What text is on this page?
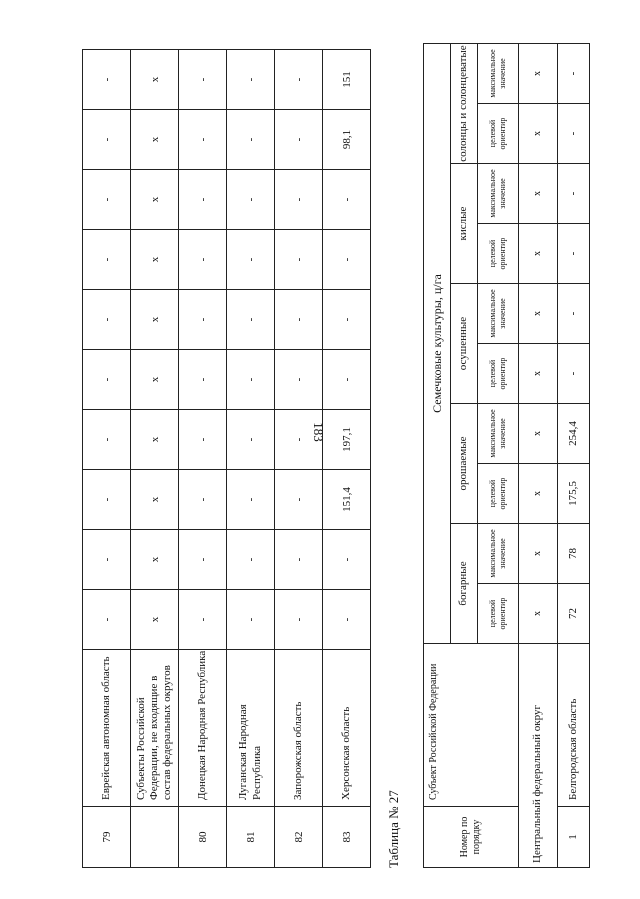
183
79	Еврейская автономная область	-	-	-	-	-	-	-	-	-	-
	Субъекты Российской Федерации, не входящие в состав федеральных округов	x	x	x	x	x	x	x	x	x	x
80	Донецкая Народная Республика	-	-	-	-	-	-	-	-	-	-
81	Луганская Народная Республика	-	-	-	-	-	-	-	-	-	-
82	Запорожская область	-	-	-	-	-	-	-	-	-	-
83	Херсонская область	-	-	151,4	197,1	-	-	-	-	98,1	151
Таблица № 27	Номер по порядку	Субъект Российской Федерации	Семечковые культуры, ц/га									
		богарные		орошаемые		осушенные		кислые		солонцы и солонцеватые	
		целевой ориентир	максимальное значение	целевой ориентир	максимальное значение	целевой ориентир	максимальное значение	целевой ориентир	максимальное значение	целевой ориентир	максимальное значение
Центральный федеральный округ		x	x	x	x	x	x	x	x	x	x
1	Белгородская область	72	78	175,5	254,4	-	-	-	-	-	-
